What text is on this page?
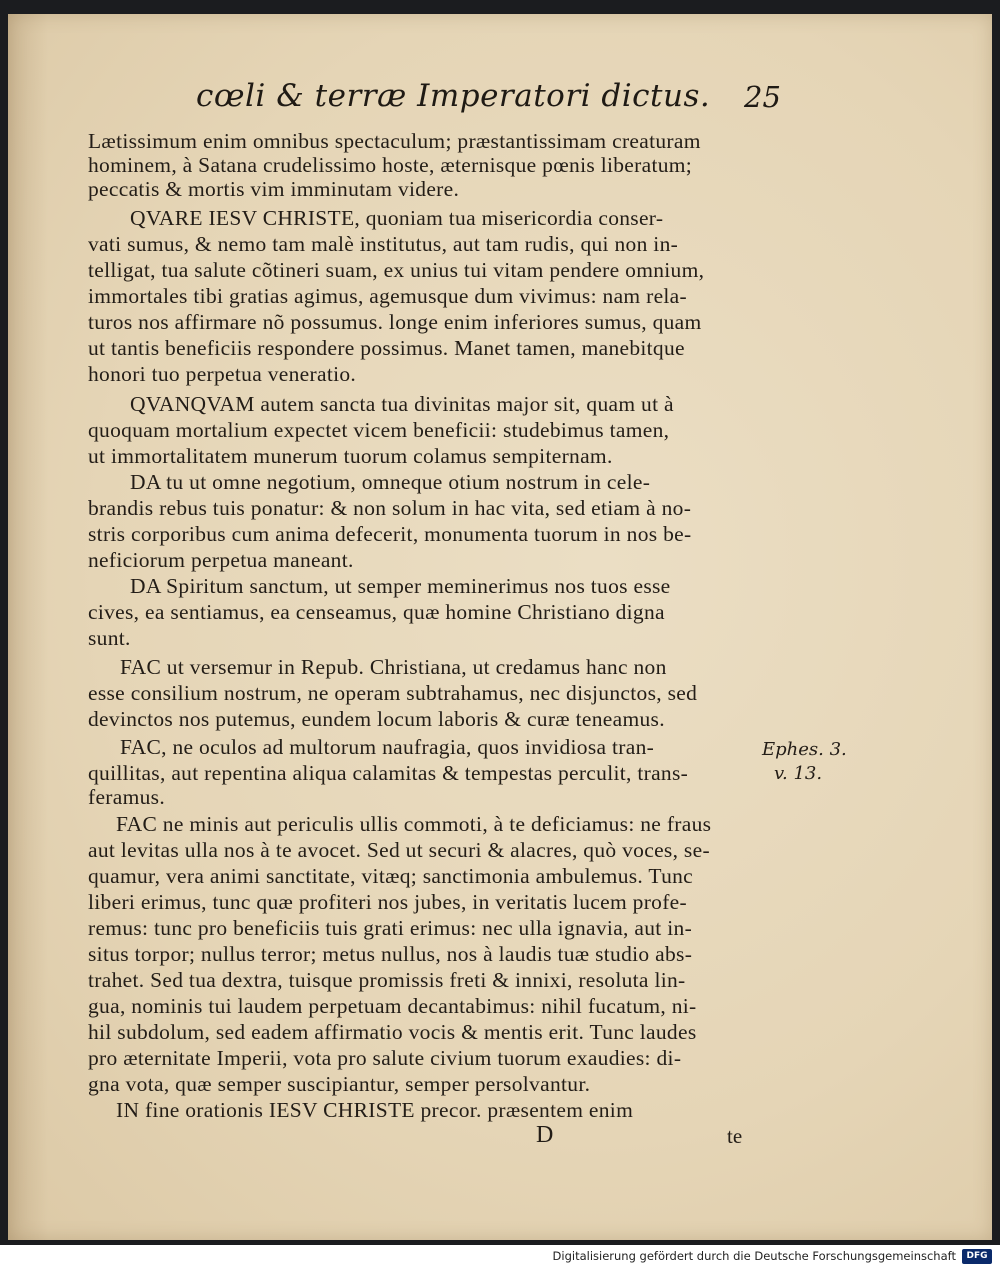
cœli & terræ Imperatori dictus. 25
Lætissimum enim omnibus spectaculum; præstantissimam creaturam
hominem, à Satana crudelissimo hoste, æternisque pœnis liberatum;
peccatis & mortis vim imminutam videre.
QVARE IESV CHRISTE, quoniam tua misericordia conser-
vati sumus, & nemo tam malè institutus, aut tam rudis, qui non in-
telligat, tua salute cõtineri suam, ex unius tui vitam pendere omnium,
immortales tibi gratias agimus, agemusque dum vivimus: nam rela-
turos nos affirmare nõ possumus. longe enim inferiores sumus, quam
ut tantis beneficiis respondere possimus. Manet tamen, manebitque
honori tuo perpetua veneratio.
QVANQVAM autem sancta tua divinitas major sit, quam ut à
quoquam mortalium expectet vicem beneficii: studebimus tamen,
ut immortalitatem munerum tuorum colamus sempiternam.
DA tu ut omne negotium, omneque otium nostrum in cele-
brandis rebus tuis ponatur: & non solum in hac vita, sed etiam à no-
stris corporibus cum anima defecerit, monumenta tuorum in nos be-
neficiorum perpetua maneant.
DA Spiritum sanctum, ut semper meminerimus nos tuos esse
cives, ea sentiamus, ea censeamus, quæ homine Christiano digna
sunt.
FAC ut versemur in Repub. Christiana, ut credamus hanc non
esse consilium nostrum, ne operam subtrahamus, nec disjunctos, sed
devinctos nos putemus, eundem locum laboris & curæ teneamus.
FAC, ne oculos ad multorum naufragia, quos invidiosa tran-
quillitas, aut repentina aliqua calamitas & tempestas perculit, trans-
feramus.
FAC ne minis aut periculis ullis commoti, à te deficiamus: ne fraus
aut levitas ulla nos à te avocet. Sed ut securi & alacres, quò voces, se-
quamur, vera animi sanctitate, vitæq; sanctimonia ambulemus. Tunc
liberi erimus, tunc quæ profiteri nos jubes, in veritatis lucem profe-
remus: tunc pro beneficiis tuis grati erimus: nec ulla ignavia, aut in-
situs torpor; nullus terror; metus nullus, nos à laudis tuæ studio abs-
trahet. Sed tua dextra, tuisque promissis freti & innixi, resoluta lin-
gua, nominis tui laudem perpetuam decantabimus: nihil fucatum, ni-
hil subdolum, sed eadem affirmatio vocis & mentis erit. Tunc laudes
pro æternitate Imperii, vota pro salute civium tuorum exaudies: di-
gna vota, quæ semper suscipiantur, semper persolvantur.
IN fine orationis IESV CHRISTE precor. præsentem enim
Ephes. 3.
v. 13.
D	te
Digitalisierung gefördert durch die Deutsche Forschungsgemeinschaft	DFG
